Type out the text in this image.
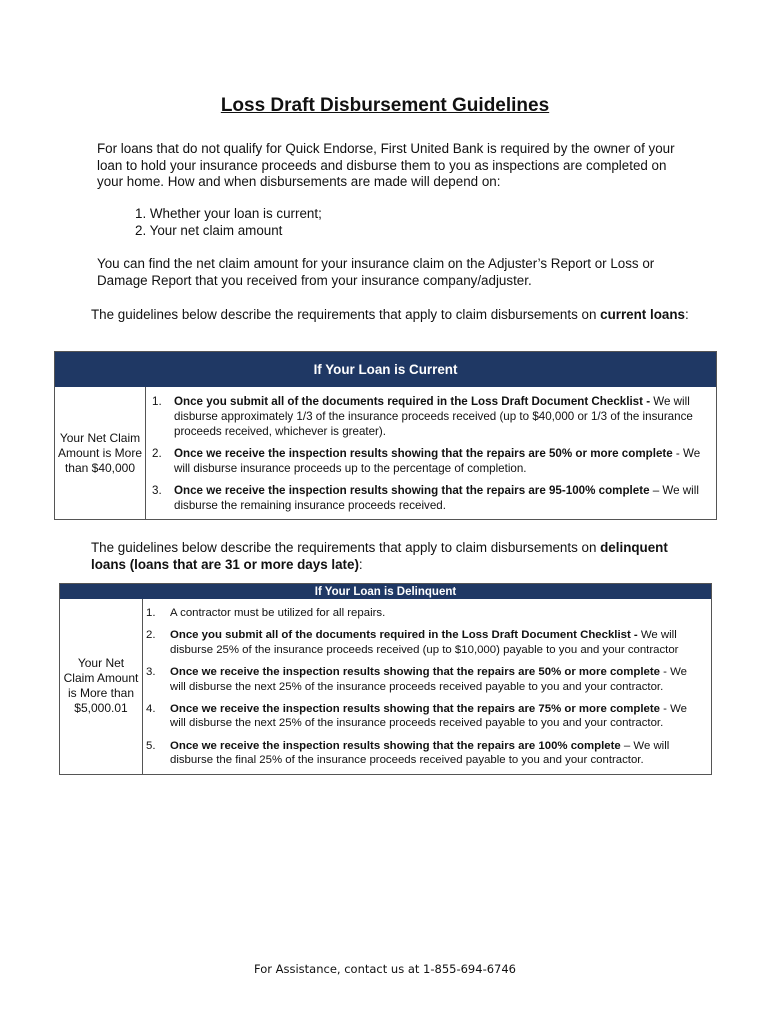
Loss Draft Disbursement Guidelines

For loans that do not qualify for Quick Endorse, First United Bank is required by the owner of your loan to hold your insurance proceeds and disburse them to you as inspections are completed on your home. How and when disbursements are made will depend on:

1. Whether your loan is current;
2. Your net claim amount

You can find the net claim amount for your insurance claim on the Adjuster’s Report or Loss or Damage Report that you received from your insurance company/adjuster.

The guidelines below describe the requirements that apply to claim disbursements on current loans:

If Your Loan is Current
Your Net Claim Amount is More than $40,000	
1. Once you submit all of the documents required in the Loss Draft Document Checklist - We will disburse approximately 1/3 of the insurance proceeds received (up to $40,000 or 1/3 of the insurance proceeds received, whichever is greater).
2. Once we receive the inspection results showing that the repairs are 50% or more complete - We will disburse insurance proceeds up to the percentage of completion.
3. Once we receive the inspection results showing that the repairs are 95-100% complete – We will disburse the remaining insurance proceeds received.

The guidelines below describe the requirements that apply to claim disbursements on delinquent loans (loans that are 31 or more days late):

If Your Loan is Delinquent
Your Net Claim Amount is More than $5,000.01	
1. A contractor must be utilized for all repairs.
2. Once you submit all of the documents required in the Loss Draft Document Checklist - We will disburse 25% of the insurance proceeds received (up to $10,000) payable to you and your contractor
3. Once we receive the inspection results showing that the repairs are 50% or more complete - We will disburse the next 25% of the insurance proceeds received payable to you and your contractor.
4. Once we receive the inspection results showing that the repairs are 75% or more complete - We will disburse the next 25% of the insurance proceeds received payable to you and your contractor.
5. Once we receive the inspection results showing that the repairs are 100% complete – We will disburse the final 25% of the insurance proceeds received payable to you and your contractor.
For Assistance, contact us at 1-855-694-6746
